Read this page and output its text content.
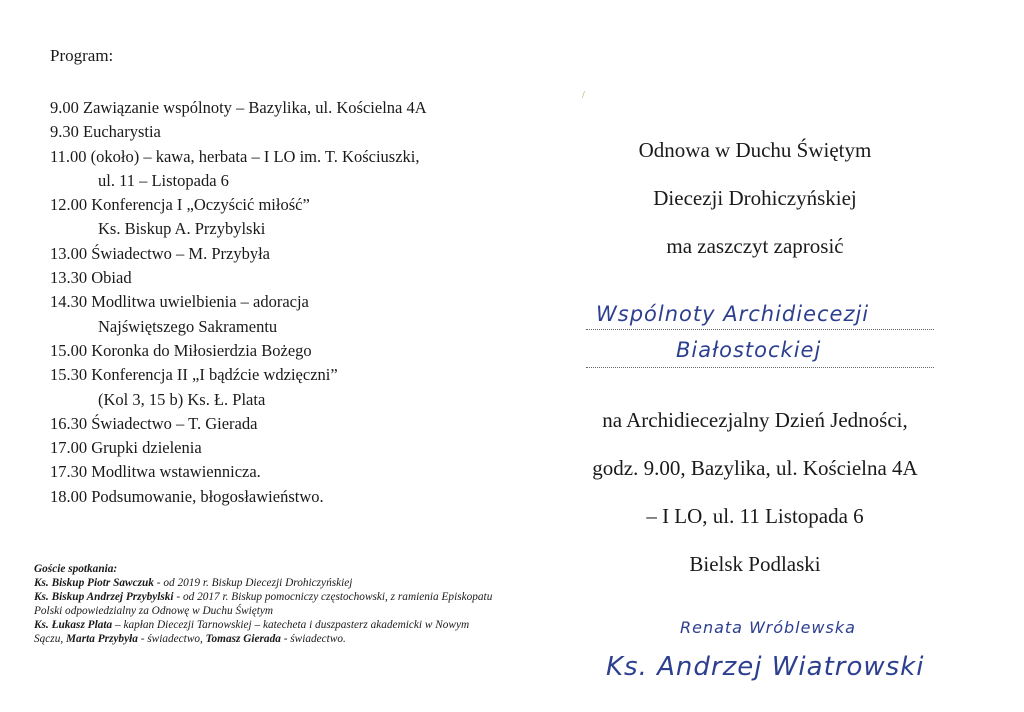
Program:
9.00 Zawiązanie wspólnoty – Bazylika, ul. Kościelna 4A
9.30 Eucharystia
11.00 (około) – kawa, herbata – I LO im. T. Kościuszki,
ul. 11 – Listopada 6
12.00 Konferencja I „Oczyścić miłość”
Ks. Biskup A. Przybylski
13.00 Świadectwo – M. Przybyła
13.30 Obiad
14.30 Modlitwa uwielbienia – adoracja
Najświętszego Sakramentu
15.00 Koronka do Miłosierdzia Bożego
15.30 Konferencja II „I bądźcie wdzięczni”
(Kol 3, 15 b) Ks. Ł. Plata
16.30 Świadectwo – T. Gierada
17.00 Grupki dzielenia
17.30 Modlitwa wstawiennicza.
18.00 Podsumowanie, błogosławieństwo.
Goście spotkania:
Ks. Biskup Piotr Sawczuk - od 2019 r. Biskup Diecezji Drohiczyńskiej
Ks. Biskup Andrzej Przybylski - od 2017 r. Biskup pomocniczy częstochowski, z ramienia Episkopatu Polski odpowiedzialny za Odnowę w Duchu Świętym
Ks. Łukasz Plata – kapłan Diecezji Tarnowskiej – katecheta i duszpasterz akademicki w Nowym Sączu, Marta Przybyła - świadectwo, Tomasz Gierada - świadectwo.
/
Odnowa w Duchu Świętym
Diecezji Drohiczyńskiej
ma zaszczyt zaprosić
Wspólnoty Archidiecezji
Białostockiej
na Archidiecezjalny Dzień Jedności,
godz. 9.00, Bazylika, ul. Kościelna 4A
– I LO, ul. 11 Listopada 6
Bielsk Podlaski
Renata Wróblewska
Ks. Andrzej Wiatrowski
